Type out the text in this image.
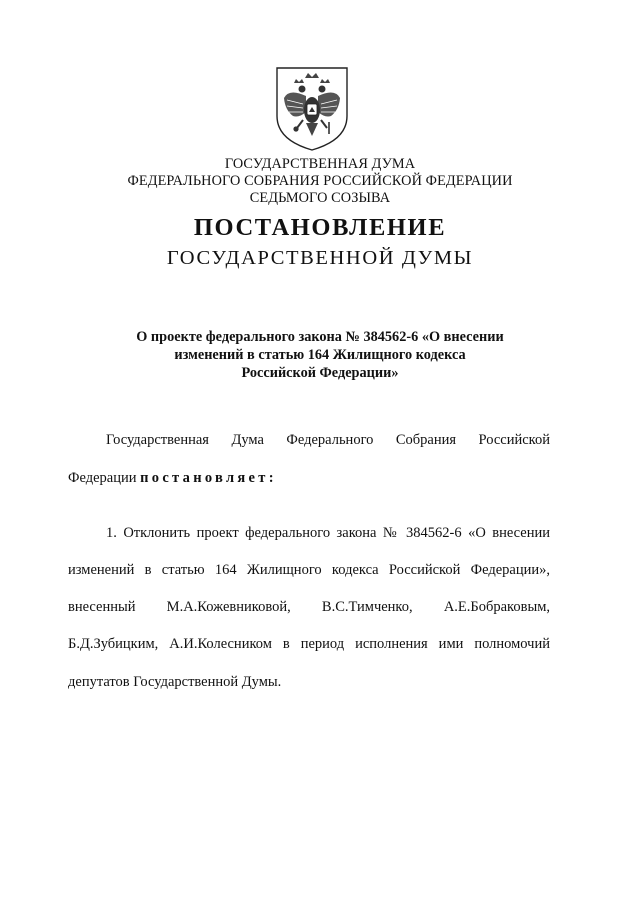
ГОСУДАРСТВЕННАЯ ДУМА
ФЕДЕРАЛЬНОГО СОБРАНИЯ РОССИЙСКОЙ ФЕДЕРАЦИИ
СЕДЬМОГО СОЗЫВА
ПОСТАНОВЛЕНИЕ
ГОСУДАРСТВЕННОЙ ДУМЫ
О проекте федерального закона № 384562-6 «О внесении
изменений в статью 164 Жилищного кодекса
Российской Федерации»
Государственная Дума Федерального Собрания Российской
Федерации постановляет:
1. Отклонить проект федерального закона № 384562-6 «О внесении
изменений в статью 164 Жилищного кодекса Российской Федерации»,
внесенный М.А.Кожевниковой, В.С.Тимченко, А.Е.Бобраковым,
Б.Д.Зубицким, А.И.Колесником в период исполнения ими полномочий
депутатов Государственной Думы.
